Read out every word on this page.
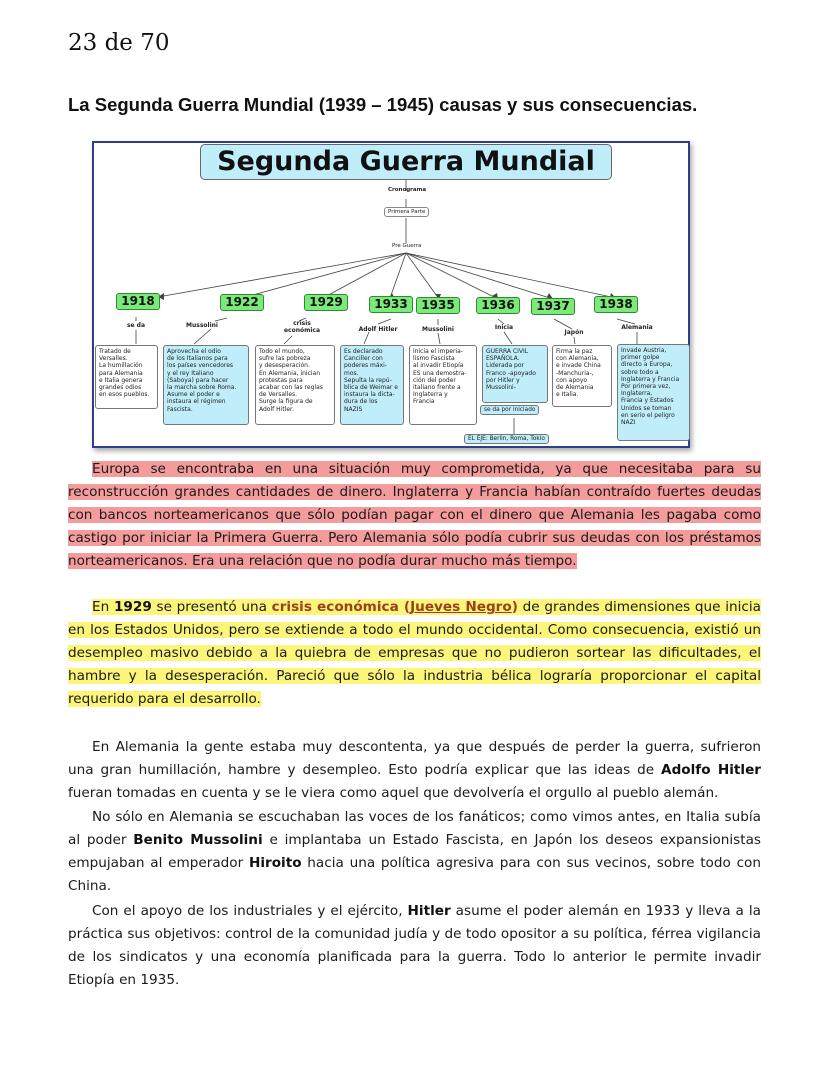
23 de 70
La Segunda Guerra Mundial (1939 – 1945) causas y sus consecuencias.
Segunda Guerra Mundial
Cronograma
Primera Parte
Pre Guerra
1918	1922	1929	1933	1935	1936	1937	1938
se da	Mussolini	crisis
económica	Adolf Hitler	Mussolini	Inicia
Japón
Alemania
Tratado de
Versalles.
La humillación
para Alemania
e Italia genera
grandes odios
en esos pueblos.
Aprovecha el odio
de los Italianos para
los países vencedores
y el rey Italiano
(Saboya) para hacer
la marcha sobre Roma.
Asume el poder e
instaura el régimen
Fascista.
Todo el mundo,
sufre las pobreza
y desesperación.
En Alemania, inician
protestas para
acabar con las reglas
de Versalles.
Surge la figura de
Adolf Hitler.
Es declarado
Canciller con
poderes máxi-
mos.
Sepulta la repú-
blica de Weimar e
instaura la dicta-
dura de los
NAZIS
inicia el imperia-
lismo Fascista
al invadir Etiopía
ES una demostra-
ción del poder
italiano frente a
Inglaterra y
Francia
GUERRA CIVIL
ESPAÑOLA.
Liderada por
Franco -apoyado
por Hitler y
Mussolini-
Firma la paz
con Alemania,
e invade China
-Manchuria-,
con apoyo
de Alemania
e Italia.
Invade Austria,
primer golpe
directo a Europa,
sobre todo a
Inglaterra y Francia
Por primera vez,
Inglaterra,
Francia y Estados
Unidos se toman
en serio el peligro
NAZI
se da por iniciado
EL EJE: Berlin, Roma, Tokio

Europa se encontraba en una situación muy comprometida, ya que necesitaba para su reconstrucción grandes cantidades de dinero. Inglaterra y Francia habían contraído fuertes deudas con bancos norteamericanos que sólo podían pagar con el dinero que Alemania les pagaba como castigo por iniciar la Primera Guerra. Pero Alemania sólo podía cubrir sus deudas con los préstamos norteamericanos. Era una relación que no podía durar mucho más tiempo.

En 1929 se presentó una crisis económica (Jueves Negro) de grandes dimensiones que inicia en los Estados Unidos, pero se extiende a todo el mundo occidental. Como consecuencia, existió un desempleo masivo debido a la quiebra de empresas que no pudieron sortear las dificultades, el hambre y la desesperación. Pareció que sólo la industria bélica lograría proporcionar el capital requerido para el desarrollo.

En Alemania la gente estaba muy descontenta, ya que después de perder la guerra, sufrieron una gran humillación, hambre y desempleo. Esto podría explicar que las ideas de Adolfo Hitler fueran tomadas en cuenta y se le viera como aquel que devolvería el orgullo al pueblo alemán.

No sólo en Alemania se escuchaban las voces de los fanáticos; como vimos antes, en Italia subía al poder Benito Mussolini e implantaba un Estado Fascista, en Japón los deseos expansionistas empujaban al emperador Hiroito hacia una política agresiva para con sus vecinos, sobre todo con China.

Con el apoyo de los industriales y el ejército, Hitler asume el poder alemán en 1933 y lleva a la práctica sus objetivos: control de la comunidad judía y de todo opositor a su política, férrea vigilancia de los sindicatos y una economía planificada para la guerra. Todo lo anterior le permite invadir Etiopía en 1935.
